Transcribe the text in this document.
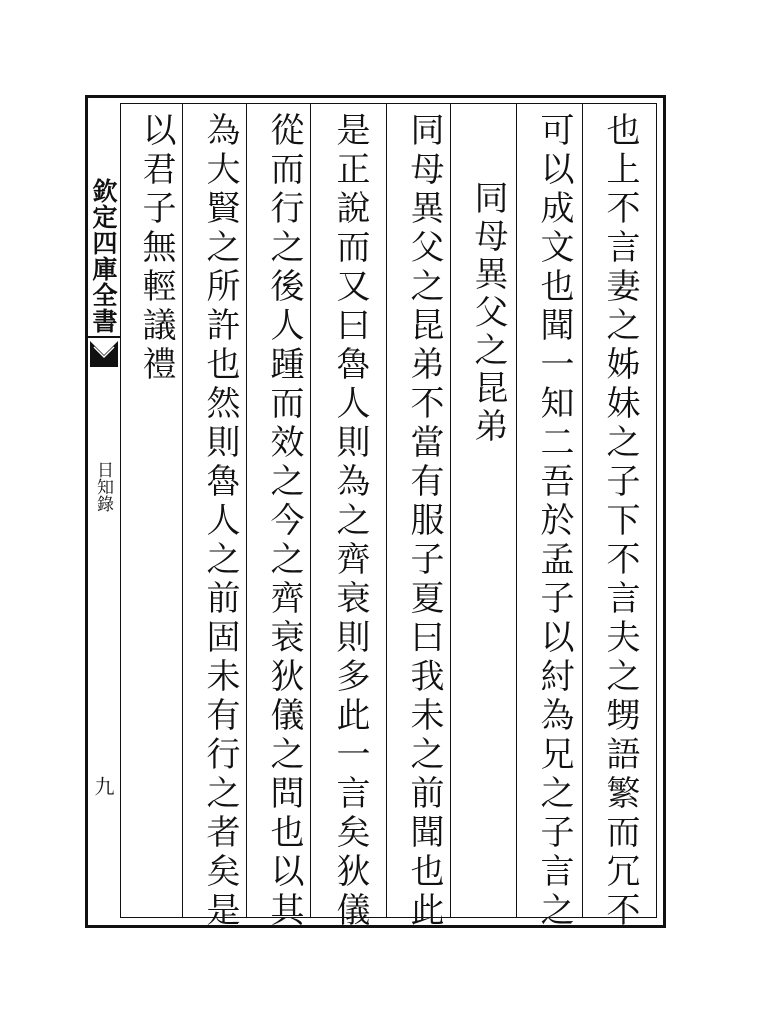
欽定四庫全書
日知錄
九	也上不言妻之姊妹之子下不言夫之甥語繁而冗不
可以成文也聞一知二吾於孟子以紂為兄之子言之
同母異父之昆弟
同母異父之昆弟不當有服子夏曰我未之前聞也此
是正說而又曰魯人則為之齊衰則多此一言矣狄儀
從而行之後人踵而效之今之齊衰狄儀之問也以其
為大賢之所許也然則魯人之前固未有行之者矣是
以君子無輕議禮
